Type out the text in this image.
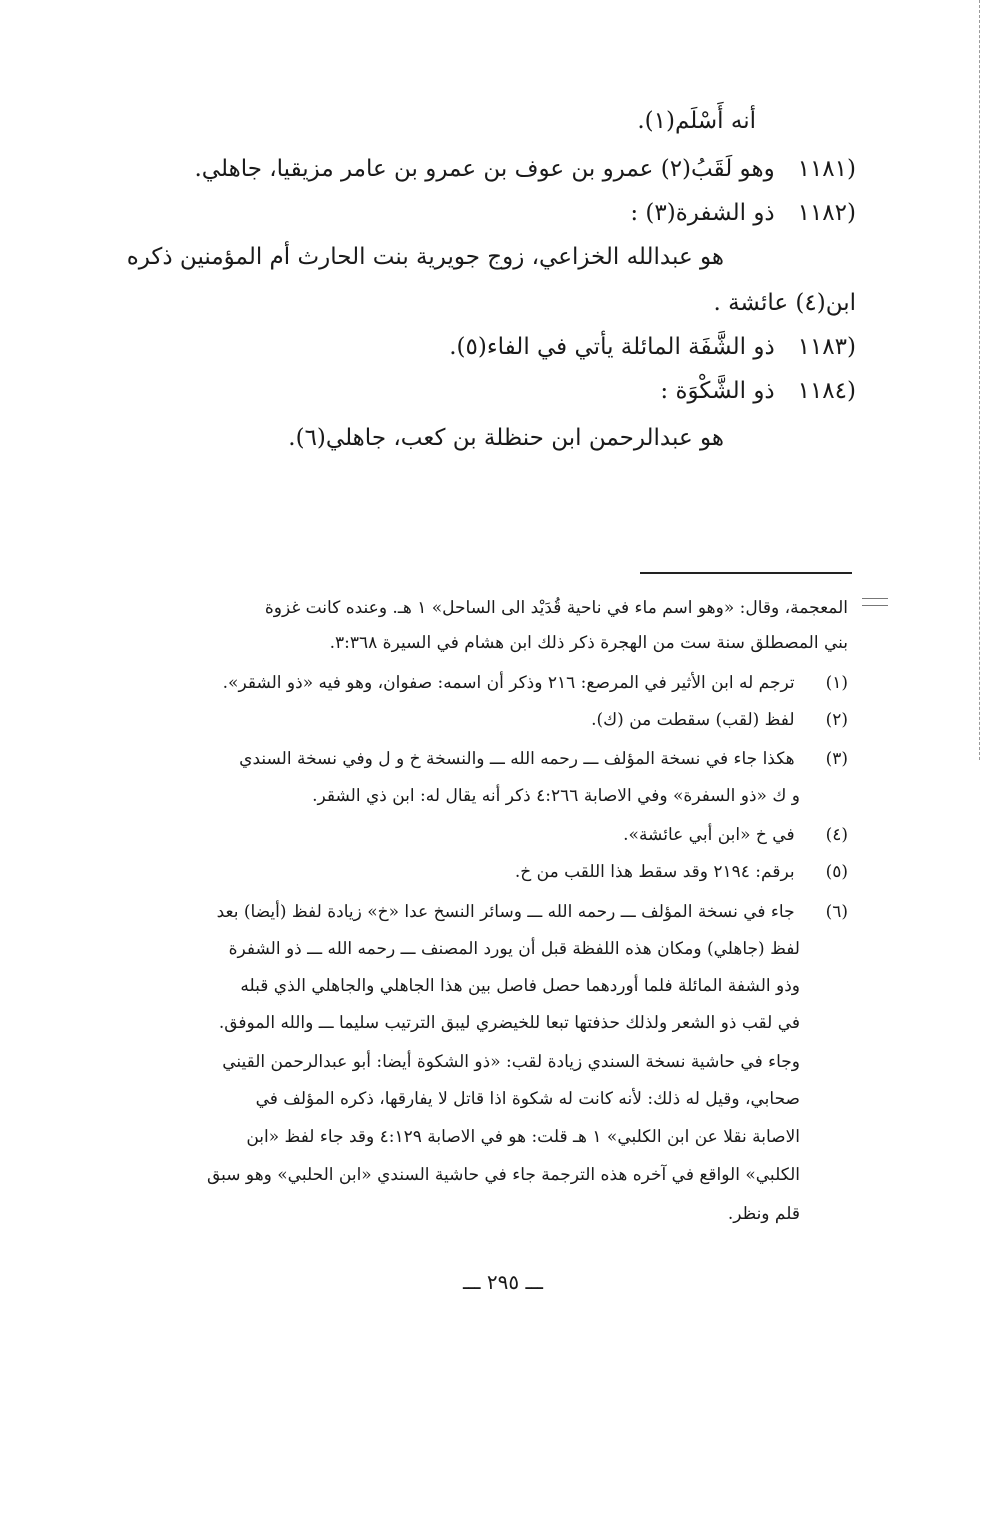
أنه أَسْلَم(١).
(١١٨١ وهو لَقَبُ(٢) عمرو بن عوف بن عمرو بن عامر مزيقيا، جاهلي.
(١١٨٢ ذو الشفرة(٣) :
هو عبدالله الخزاعي، زوج جويرية بنت الحارث أم المؤمنين ذكره
ابن(٤) عائشة .
(١١٨٣ ذو الشَّفَة المائلة يأتي في الفاء(٥).
(١١٨٤ ذو الشَّكْوَة :
هو عبدالرحمن ابن حنظلة بن كعب، جاهلي(٦).
المعجمة، وقال: «وهو اسم ماء في ناحية قُدَيْد الى الساحل» ١ هـ. وعنده كانت غزوة
بني المصطلق سنة ست من الهجرة ذكر ذلك ابن هشام في السيرة ٣:٣٦٨.
(١) ترجم له ابن الأثير في المرصع: ٢١٦ وذكر أن اسمه: صفوان، وهو فيه «ذو الشقر».
(٢) لفظ (لقب) سقطت من (ك).
(٣) هكذا جاء في نسخة المؤلف ـــ رحمه الله ـــ والنسخة خ و ل وفي نسخة السندي
و ك «ذو السفرة» وفي الاصابة ٤:٢٦٦ ذكر أنه يقال له: ابن ذي الشقر.
(٤) في خ «ابن أبي عائشة».
(٥) برقم: ٢١٩٤ وقد سقط هذا اللقب من خ.
(٦) جاء في نسخة المؤلف ـــ رحمه الله ـــ وسائر النسخ عدا «خ» زيادة لفظ (أيضا) بعد
لفظ (جاهلي) ومكان هذه اللفظة قبل أن يورد المصنف ـــ رحمه الله ـــ ذو الشفرة
وذو الشفة المائلة فلما أوردهما حصل فاصل بين هذا الجاهلي والجاهلي الذي قبله
في لقب ذو الشعر ولذلك حذفتها تبعا للخيضري ليبق الترتيب سليما ـــ والله الموفق.
وجاء في حاشية نسخة السندي زيادة لقب: «ذو الشكوة أيضا: أبو عبدالرحمن القيني
صحابي، وقيل له ذلك: لأنه كانت له شكوة اذا قاتل لا يفارقها، ذكره المؤلف في
الاصابة نقلا عن ابن الكلبي» ١ هـ قلت: هو في الاصابة ٤:١٢٩ وقد جاء لفظ «ابن
الكلبي» الواقع في آخره هذه الترجمة جاء في حاشية السندي «ابن الحلبي» وهو سبق
قلم ونظر.
ـــ ٢٩٥ ـــ
